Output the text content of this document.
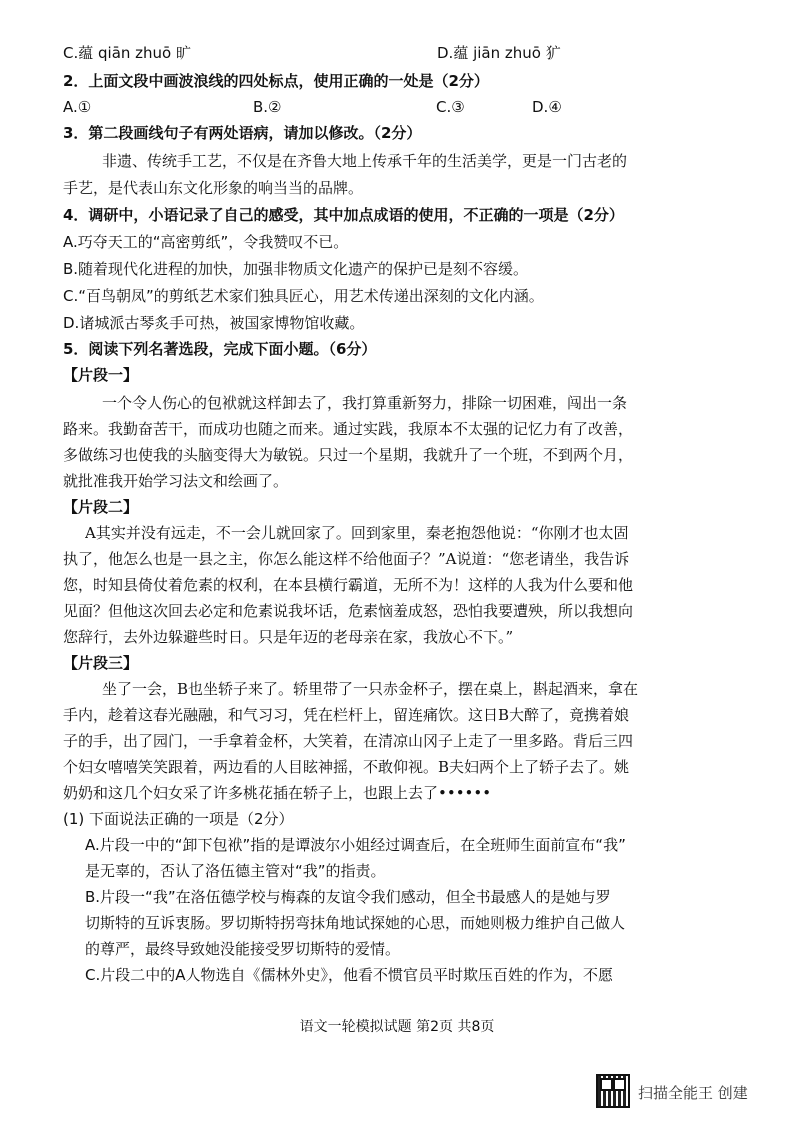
C.蕴 qiān zhuō 旷	D.蕴 jiān zhuō 犷
2．上面文段中画波浪线的四处标点，使用正确的一处是（2分）
A.①	B.②	C.③	D.④
3．第二段画线句子有两处语病，请加以修改。（2分）
非遗、传统手工艺，不仅是在齐鲁大地上传承千年的生活美学，更是一门古老的
手艺，是代表山东文化形象的响当当的品牌。
4．调研中，小语记录了自己的感受，其中加点成语的使用，不正确的一项是（2分）
A.巧夺天工的“高密剪纸”，令我赞叹不已。
B.随着现代化进程的加快，加强非物质文化遗产的保护已是刻不容缓。
C.“百鸟朝凤”的剪纸艺术家们独具匠心，用艺术传递出深刻的文化内涵。
D.诸城派古琴炙手可热，被国家博物馆收藏。
5．阅读下列名著选段，完成下面小题。（6分）
【片段一】
一个令人伤心的包袱就这样卸去了，我打算重新努力，排除一切困难，闯出一条
路来。我勤奋苦干，而成功也随之而来。通过实践，我原本不太强的记忆力有了改善，
多做练习也使我的头脑变得大为敏锐。只过一个星期，我就升了一个班，不到两个月，
就批准我开始学习法文和绘画了。
【片段二】
A其实并没有远走，不一会儿就回家了。回到家里，秦老抱怨他说：“你刚才也太固
执了，他怎么也是一县之主，你怎么能这样不给他面子？”A说道：“您老请坐，我告诉
您，时知县倚仗着危素的权利，在本县横行霸道，无所不为！这样的人我为什么要和他
见面？但他这次回去必定和危素说我坏话，危素恼羞成怒，恐怕我要遭殃，所以我想向
您辞行，去外边躲避些时日。只是年迈的老母亲在家，我放心不下。”
【片段三】
坐了一会，B也坐轿子来了。轿里带了一只赤金杯子，摆在桌上，斟起酒来，拿在
手内，趁着这春光融融，和气习习，凭在栏杆上，留连痛饮。这日B大醉了，竟携着娘
子的手，出了园门，一手拿着金杯，大笑着，在清凉山冈子上走了一里多路。背后三四
个妇女嘻嘻笑笑跟着，两边看的人目眩神摇，不敢仰视。B夫妇两个上了轿子去了。姚
奶奶和这几个妇女采了许多桃花插在轿子上，也跟上去了••••••
(1) 下面说法正确的一项是（2分）
A.片段一中的“卸下包袱”指的是谭波尔小姐经过调查后，在全班师生面前宣布“我”
是无辜的，否认了洛伍德主管对“我”的指责。
B.片段一“我”在洛伍德学校与梅森的友谊令我们感动，但全书最感人的是她与罗
切斯特的互诉衷肠。罗切斯特拐弯抹角地试探她的心思，而她则极力维护自己做人
的尊严，最终导致她没能接受罗切斯特的爱情。
C.片段二中的A人物选自《儒林外史》，他看不惯官员平时欺压百姓的作为，不愿
语文一轮模拟试题 第2页 共8页
扫描全能王 创建
